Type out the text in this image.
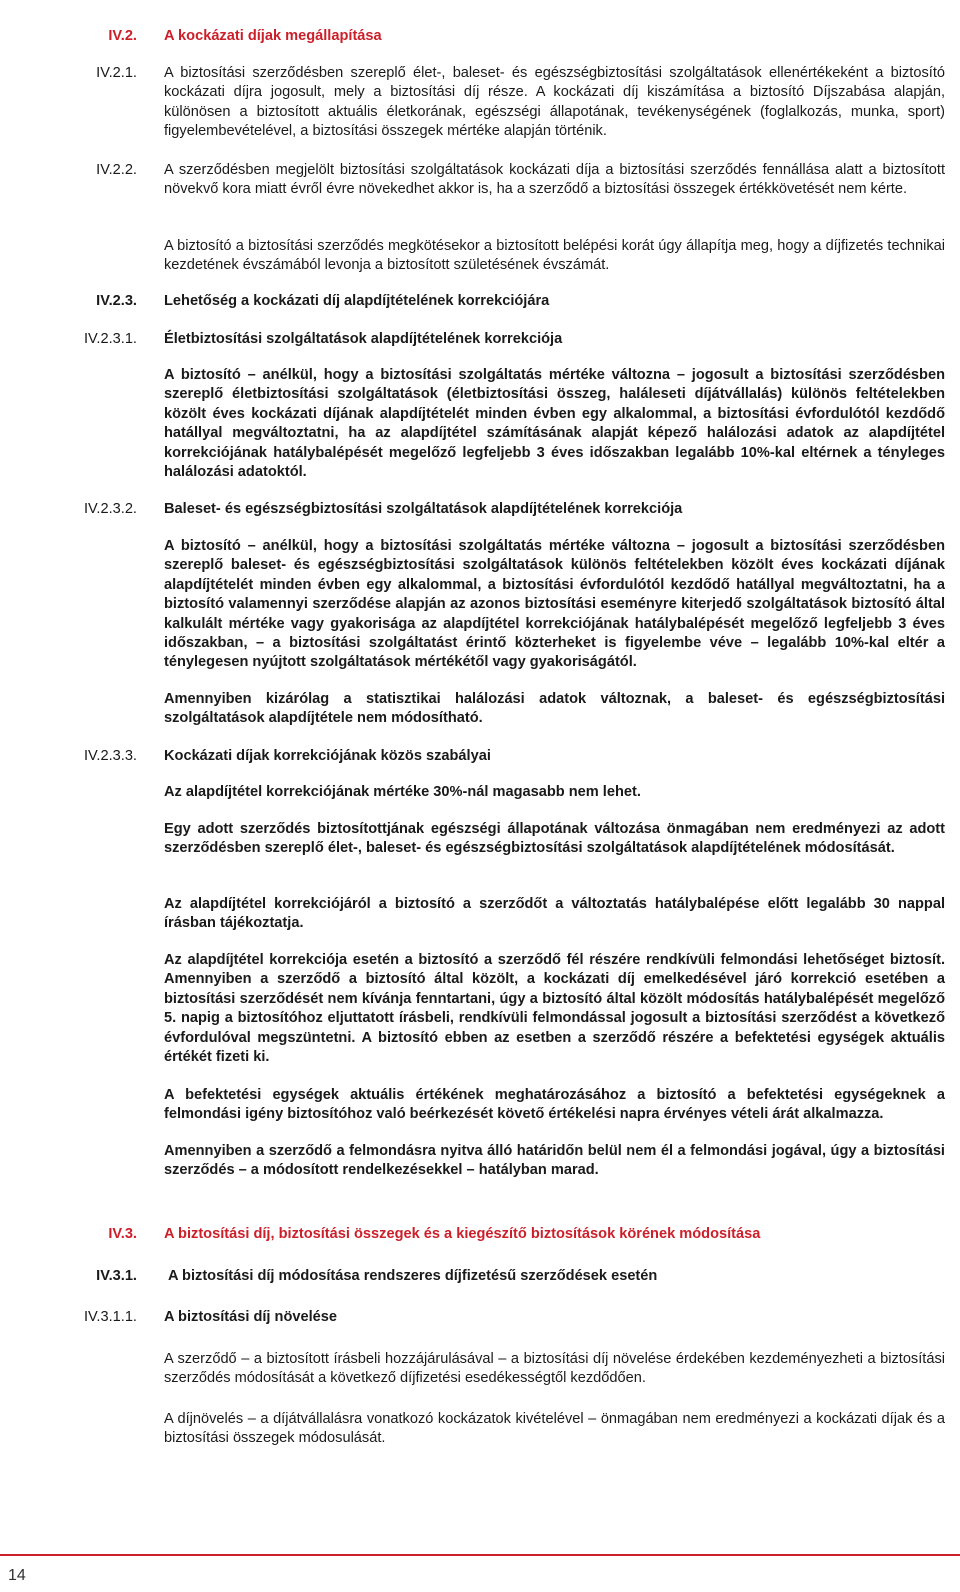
IV.2. A kockázati díjak megállapítása
IV.2.1. A biztosítási szerződésben szereplő élet-, baleset- és egészségbiztosítási szolgáltatások ellenértékeként a biztosító kockázati díjra jogosult, mely a biztosítási díj része. A kockázati díj kiszámítása a biztosító Díjszabása alapján, különösen a biztosított aktuális életkorának, egészségi állapotának, tevékenységének (foglalkozás, munka, sport) figyelembevételével, a biztosítási összegek mértéke alapján történik.
IV.2.2. A szerződésben megjelölt biztosítási szolgáltatások kockázati díja a biztosítási szerződés fennállása alatt a biztosított növekvő kora miatt évről évre növekedhet akkor is, ha a szerződő a biztosítási összegek értékkövetését nem kérte.
A biztosító a biztosítási szerződés megkötésekor a biztosított belépési korát úgy állapítja meg, hogy a díjfizetés technikai kezdetének évszámából levonja a biztosított születésének évszámát.
IV.2.3. Lehetőség a kockázati díj alapdíjtételének korrekciójára
IV.2.3.1. Életbiztosítási szolgáltatások alapdíjtételének korrekciója
A biztosító – anélkül, hogy a biztosítási szolgáltatás mértéke változna – jogosult a biztosítási szerződésben szereplő életbiztosítási szolgáltatások (életbiztosítási összeg, haláleseti díjátvállalás) különös feltételekben közölt éves kockázati díjának alapdíjtételét minden évben egy alkalommal, a biztosítási évfordulótól kezdődő hatállyal megváltoztatni, ha az alapdíjtétel számításának alapját képező halálozási adatok az alapdíjtétel korrekciójának hatálybalépését megelőző legfeljebb 3 éves időszakban legalább 10%-kal eltérnek a tényleges halálozási adatoktól.
IV.2.3.2. Baleset- és egészségbiztosítási szolgáltatások alapdíjtételének korrekciója
A biztosító – anélkül, hogy a biztosítási szolgáltatás mértéke változna – jogosult a biztosítási szerződésben szereplő baleset- és egészségbiztosítási szolgáltatások különös feltételekben közölt éves kockázati díjának alapdíjtételét minden évben egy alkalommal, a biztosítási évfordulótól kezdődő hatállyal megváltoztatni, ha a biztosító valamennyi szerződése alapján az azonos biztosítási eseményre kiterjedő szolgáltatások biztosító által kalkulált mértéke vagy gyakorisága az alapdíjtétel korrekciójának hatálybalépését megelőző legfeljebb 3 éves időszakban, – a biztosítási szolgáltatást érintő közterheket is figyelembe véve – legalább 10%-kal eltér a ténylegesen nyújtott szolgáltatások mértékétől vagy gyakoriságától.
Amennyiben kizárólag a statisztikai halálozási adatok változnak, a baleset- és egészségbiztosítási szolgáltatások alapdíjtétele nem módosítható.
IV.2.3.3. Kockázati díjak korrekciójának közös szabályai
Az alapdíjtétel korrekciójának mértéke 30%-nál magasabb nem lehet.
Egy adott szerződés biztosítottjának egészségi állapotának változása önmagában nem eredményezi az adott szerződésben szereplő élet-, baleset- és egészségbiztosítási szolgáltatások alapdíjtételének módosítását.
Az alapdíjtétel korrekciójáról a biztosító a szerződőt a változtatás hatálybalépése előtt legalább 30 nappal írásban tájékoztatja.
Az alapdíjtétel korrekciója esetén a biztosító a szerződő fél részére rendkívüli felmondási lehetőséget biztosít. Amennyiben a szerződő a biztosító által közölt, a kockázati díj emelkedésével járó korrekció esetében a biztosítási szerződését nem kívánja fenntartani, úgy a biztosító által közölt módosítás hatálybalépését megelőző 5. napig a biztosítóhoz eljuttatott írásbeli, rendkívüli felmondással jogosult a biztosítási szerződést a következő évfordulóval megszüntetni. A biztosító ebben az esetben a szerződő részére a befektetési egységek aktuális értékét fizeti ki.
A befektetési egységek aktuális értékének meghatározásához a biztosító a befektetési egységeknek a felmondási igény biztosítóhoz való beérkezését követő értékelési napra érvényes vételi árát alkalmazza.
Amennyiben a szerződő a felmondásra nyitva álló határidőn belül nem él a felmondási jogával, úgy a biztosítási szerződés – a módosított rendelkezésekkel – hatályban marad.
IV.3. A biztosítási díj, biztosítási összegek és a kiegészítő biztosítások körének módosítása
IV.3.1. A biztosítási díj módosítása rendszeres díjfizetésű szerződések esetén
IV.3.1.1. A biztosítási díj növelése
A szerződő – a biztosított írásbeli hozzájárulásával – a biztosítási díj növelése érdekében kezdeményezheti a biztosítási szerződés módosítását a következő díjfizetési esedékességtől kezdődően.
A díjnövelés – a díjátvállalásra vonatkozó kockázatok kivételével – önmagában nem eredményezi a kockázati díjak és a biztosítási összegek módosulását.
14
